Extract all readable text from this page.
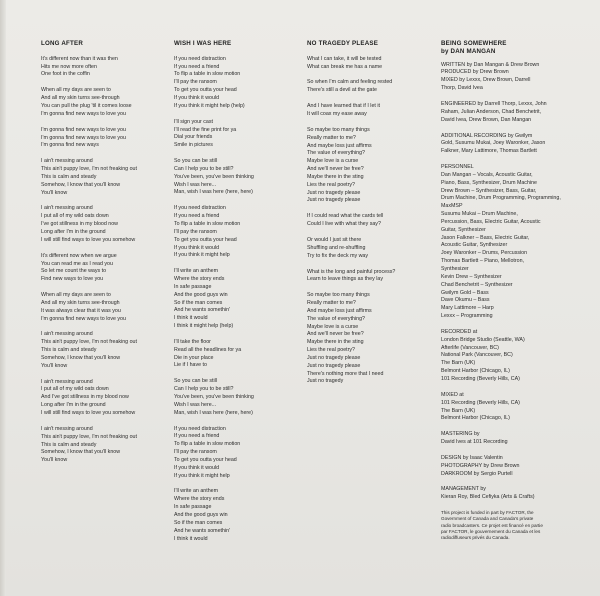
LONG AFTER
It's different now than it was then
Hits me now more often
One foot in the coffin
When all my days are seen to
And all my skin turns see-through
You can pull the plug 'til it comes loose
I'm gonna find new ways to love you
I'm gonna find new ways to love you
I'm gonna find new ways to love you
I'm gonna find new ways
I ain't messing around
This ain't puppy love, I'm not freaking out
This is calm and steady
Somehow, I know that you'll know
You'll know
I ain't messing around
I put all of my wild oats down
I've got stillness in my blood now
Long after I'm in the ground
I will still find ways to love you somehow
It's different now when we argue
You can read me as I read you
So let me count the ways to
Find new ways to love you
When all my days are seen to
And all my skin turns see-through
It was always clear that it was you
I'm gonna find new ways to love you
I ain't messing around
This ain't puppy love, I'm not freaking out
This is calm and steady
Somehow, I know that you'll know
You'll know
I ain't messing around
I put all of my wild oats down
And I've got stillness in my blood now
Long after I'm in the ground
I will still find ways to love you somehow
I ain't messing around
This ain't puppy love, I'm not freaking out
This is calm and steady
Somehow, I know that you'll know
You'll know
WISH I WAS HERE
If you need distraction
If you need a friend
To flip a table in slow motion
I'll pay the ransom
To get you outta your head
If you think it would
If you think it might help (help)
I'll sign your cast
I'll read the fine print for ya
Dial your friends
Smile in pictures
So you can be still
Can I help you to be still?
You've been, you've been thinking
Wish I was here...
Man, wish I was here (here, here)
If you need distraction
If you need a friend
To flip a table in slow motion
I'll pay the ransom
To get you outta your head
If you think it would
If you think it might help
I'll write an anthem
Where the story ends
In safe passage
And the good guys win
So if the man comes
And he wants somethin'
I think it would
I think it might help (help)
I'll take the floor
Read all the headlines for ya
Die in your place
Lie if I have to
So you can be still
Can I help you to be still?
You've been, you've been thinking
Wish I was here...
Man, wish I was here (here, here)
If you need distraction
If you need a friend
To flip a table in slow motion
I'll pay the ransom
To get you outta your head
If you think it would
If you think it might help
I'll write an anthem
Where the story ends
In safe passage
And the good guys win
So if the man comes
And he wants somethin'
I think it would
NO TRAGEDY PLEASE
What I can take, it will be tested
What can break me has a name
So when I'm calm and feeling rested
There's still a devil at the gate
And I have learned that if I let it
It will coax my ease away
So maybe too many things
Really matter to me?
And maybe loss just affirms
The value of everything?
Maybe love is a curse
And we'll never be free?
Maybe there in the sting
Lies the real poetry?
Just no tragedy please
Just no tragedy please
If I could read what the cards tell
Could I live with what they say?
Or would I just sit there
Shuffling and re-shuffling
Try to fix the deck my way
What is the long and painful process?
Learn to leave things as they lay
So maybe too many things
Really matter to me?
And maybe loss just affirms
The value of everything?
Maybe love is a curse
And we'll never be free?
Maybe there in the sting
Lies the real poetry?
Just no tragedy please
Just no tragedy please
There's nothing more that I need
Just no tragedy
BEING SOMEWHERE
by DAN MANGAN
WRITTEN by Dan Mangan & Drew Brown
PRODUCED by Drew Brown
MIXED by Lexxx, Drew Brown, Darrell
Thorp, David Ivea
ENGINEERED by Darrell Thorp, Lexxx, John
Raham, Julian Anderson, Chad Benchetrit,
David Ivea, Drew Brown, Dan Mangan
ADDITIONAL RECORDING by Gwilym
Gold, Susumu Mukai, Joey Waronker, Jason
Falkner, Mary Lattimore, Thomas Bartlett
PERSONNEL
Dan Mangan – Vocals, Acoustic Guitar,
Piano, Bass, Synthesizer, Drum Machine
Drew Brown – Synthesizer, Bass, Guitar,
Drum Machine, Drum Programming, Programming,
MaxMSP
Susumu Mukai – Drum Machine,
Percussion, Bass, Electric Guitar, Acoustic
Guitar, Synthesizer
Jason Falkner – Bass, Electric Guitar,
Acoustic Guitar, Synthesizer
Joey Waronker – Drums, Percussion
Thomas Bartlett – Piano, Mellotron,
Synthesizer
Kevin Drew – Synthesizer
Chad Benchetrit – Synthesizer
Gwilym Gold – Bass
Dave Okumu – Bass
Mary Lattimore – Harp
Lexxx – Programming
RECORDED at
London Bridge Studio (Seattle, WA)
Afterlife (Vancouver, BC)
National Park (Vancouver, BC)
The Barn (UK)
Belmont Harbor (Chicago, IL)
101 Recording (Beverly Hills, CA)
MIXED at
101 Recording (Beverly Hills, CA)
The Barn (UK)
Belmont Harbor (Chicago, IL)
MASTERING by
David Ives at 101 Recording
DESIGN by Isaac Valentin
PHOTOGRAPHY by Drew Brown
DARKROOM by Sergio Purtell
MANAGEMENT by
Kieran Roy, Bled Cefiyka (Arts & Crafts)
This project is funded in part by FACTOR, the
Government of Canada and Canada's private
radio broadcasters. Ce projet est financé en partie
par FACTOR, le gouvernement du Canada et les
radiodiffuseurs privés du Canada.
